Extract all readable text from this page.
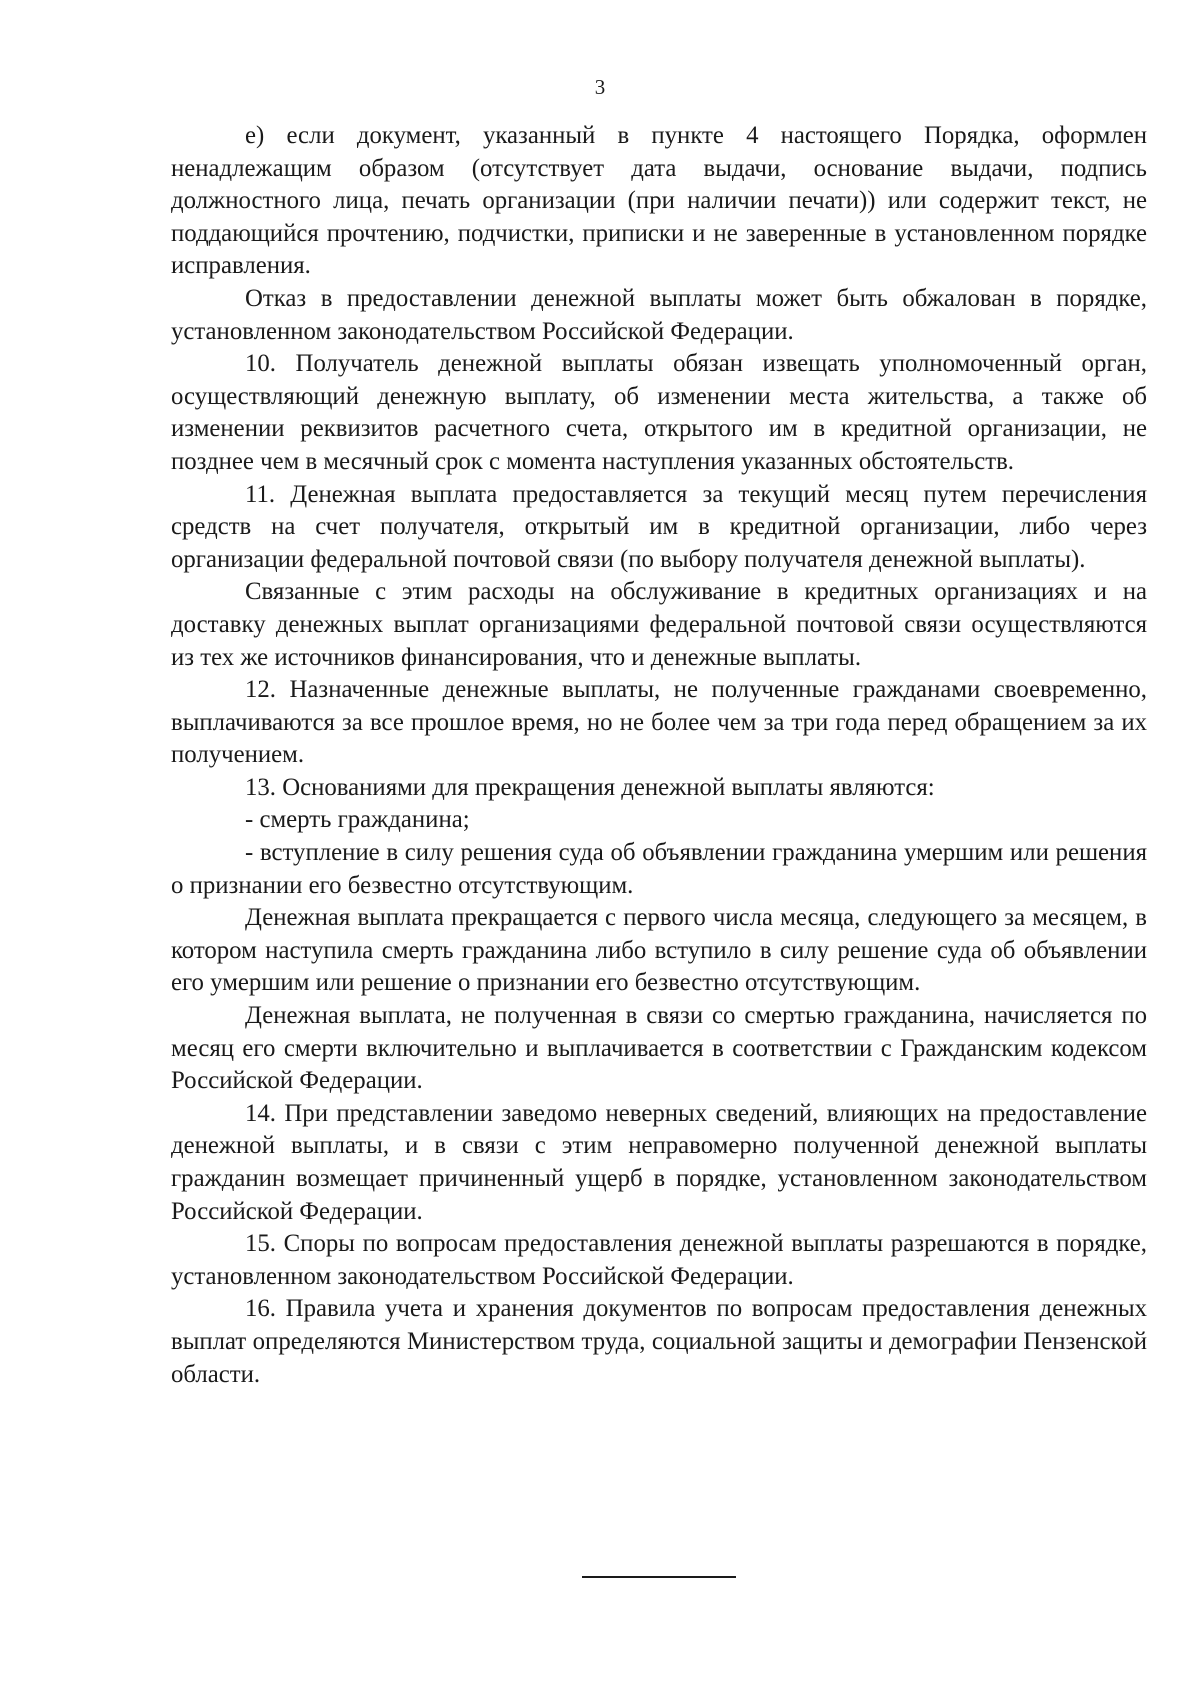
3

е) если документ, указанный в пункте 4 настоящего Порядка, оформлен ненадлежащим образом (отсутствует дата выдачи, основание выдачи, подпись должностного лица, печать организации (при наличии печати)) или содержит текст, не поддающийся прочтению, подчистки, приписки и не заверенные в установленном порядке исправления.

Отказ в предоставлении денежной выплаты может быть обжалован в порядке, установленном законодательством Российской Федерации.

10. Получатель денежной выплаты обязан извещать уполномоченный орган, осуществляющий денежную выплату, об изменении места жительства, а также об изменении реквизитов расчетного счета, открытого им в кредитной организации, не позднее чем в месячный срок с момента наступления указанных обстоятельств.

11. Денежная выплата предоставляется за текущий месяц путем перечисления средств на счет получателя, открытый им в кредитной организации, либо через организации федеральной почтовой связи (по выбору получателя денежной выплаты).

Связанные с этим расходы на обслуживание в кредитных организациях и на доставку денежных выплат организациями федеральной почтовой связи осуществляются из тех же источников финансирования, что и денежные выплаты.

12. Назначенные денежные выплаты, не полученные гражданами своевременно, выплачиваются за все прошлое время, но не более чем за три года перед обращением за их получением.

13. Основаниями для прекращения денежной выплаты являются:

- смерть гражданина;

- вступление в силу решения суда об объявлении гражданина умершим или решения о признании его безвестно отсутствующим.

Денежная выплата прекращается с первого числа месяца, следующего за месяцем, в котором наступила смерть гражданина либо вступило в силу решение суда об объявлении его умершим или решение о признании его безвестно отсутствующим.

Денежная выплата, не полученная в связи со смертью гражданина, начисляется по месяц его смерти включительно и выплачивается в соответствии с Гражданским кодексом Российской Федерации.

14. При представлении заведомо неверных сведений, влияющих на предоставление денежной выплаты, и в связи с этим неправомерно полученной денежной выплаты гражданин возмещает причиненный ущерб в порядке, установленном законодательством Российской Федерации.

15. Споры по вопросам предоставления денежной выплаты разрешаются в порядке, установленном законодательством Российской Федерации.

16. Правила учета и хранения документов по вопросам предоставления денежных выплат определяются Министерством труда, социальной защиты и демографии Пензенской области.
